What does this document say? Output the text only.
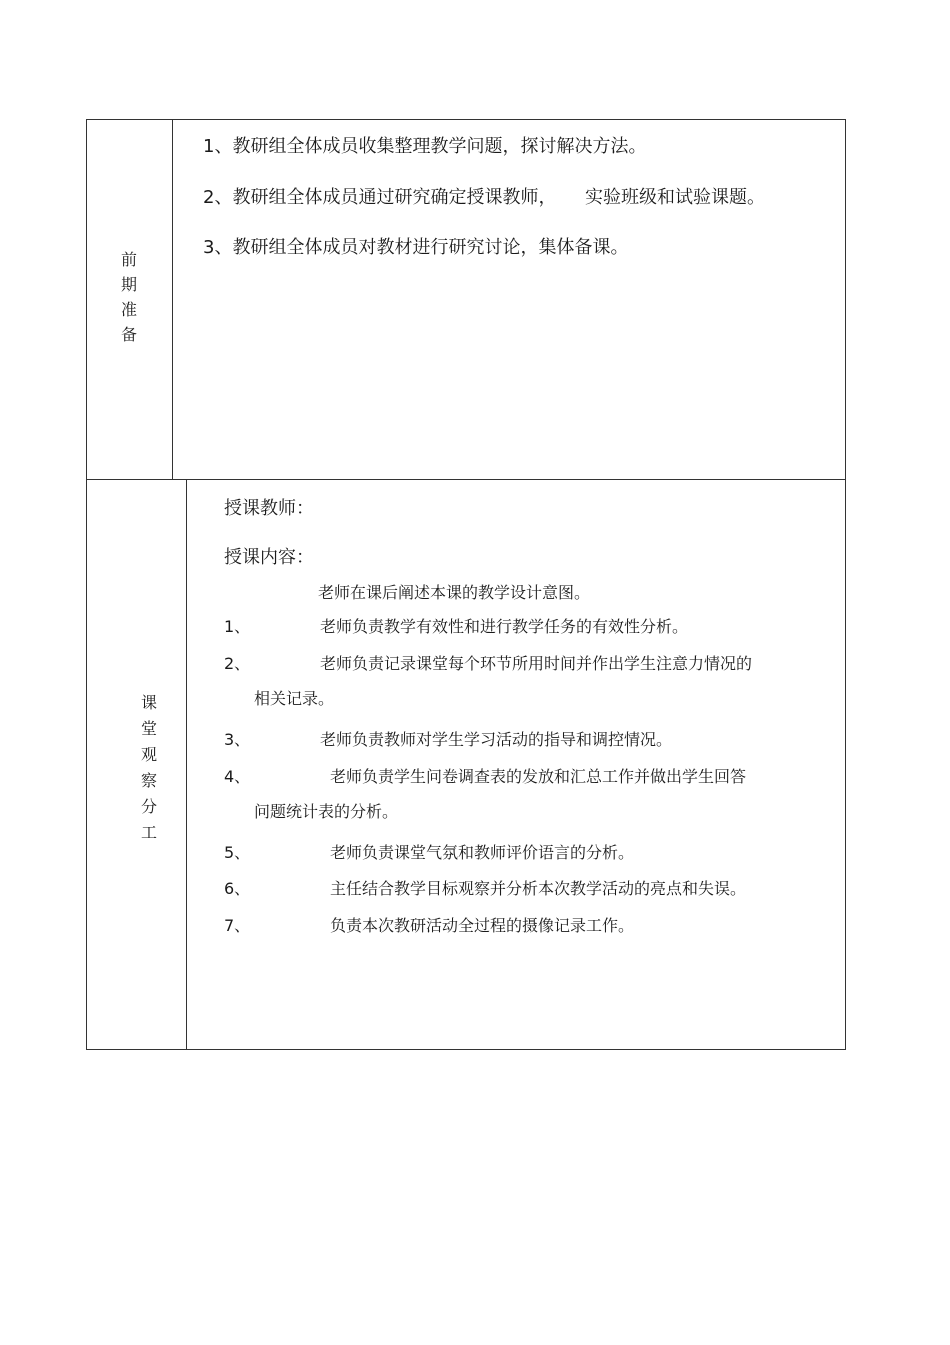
前
期
准
备
1、教研组全体成员收集整理教学问题，探讨解决方法。
2、教研组全体成员通过研究确定授课教师，     实验班级和试验课题。
3、教研组全体成员对教材进行研究讨论，集体备课。
课
堂
观
察
分
工
授课教师：
授课内容：
老师在课后阐述本课的教学设计意图。
1、	老师负责教学有效性和进行教学任务的有效性分析。
2、	老师负责记录课堂每个环节所用时间并作出学生注意力情况的
相关记录。
3、	老师负责教师对学生学习活动的指导和调控情况。
4、	老师负责学生问卷调查表的发放和汇总工作并做出学生回答
问题统计表的分析。
5、	老师负责课堂气氛和教师评价语言的分析。
6、	主任结合教学目标观察并分析本次教学活动的亮点和失误。
7、	负责本次教研活动全过程的摄像记录工作。
